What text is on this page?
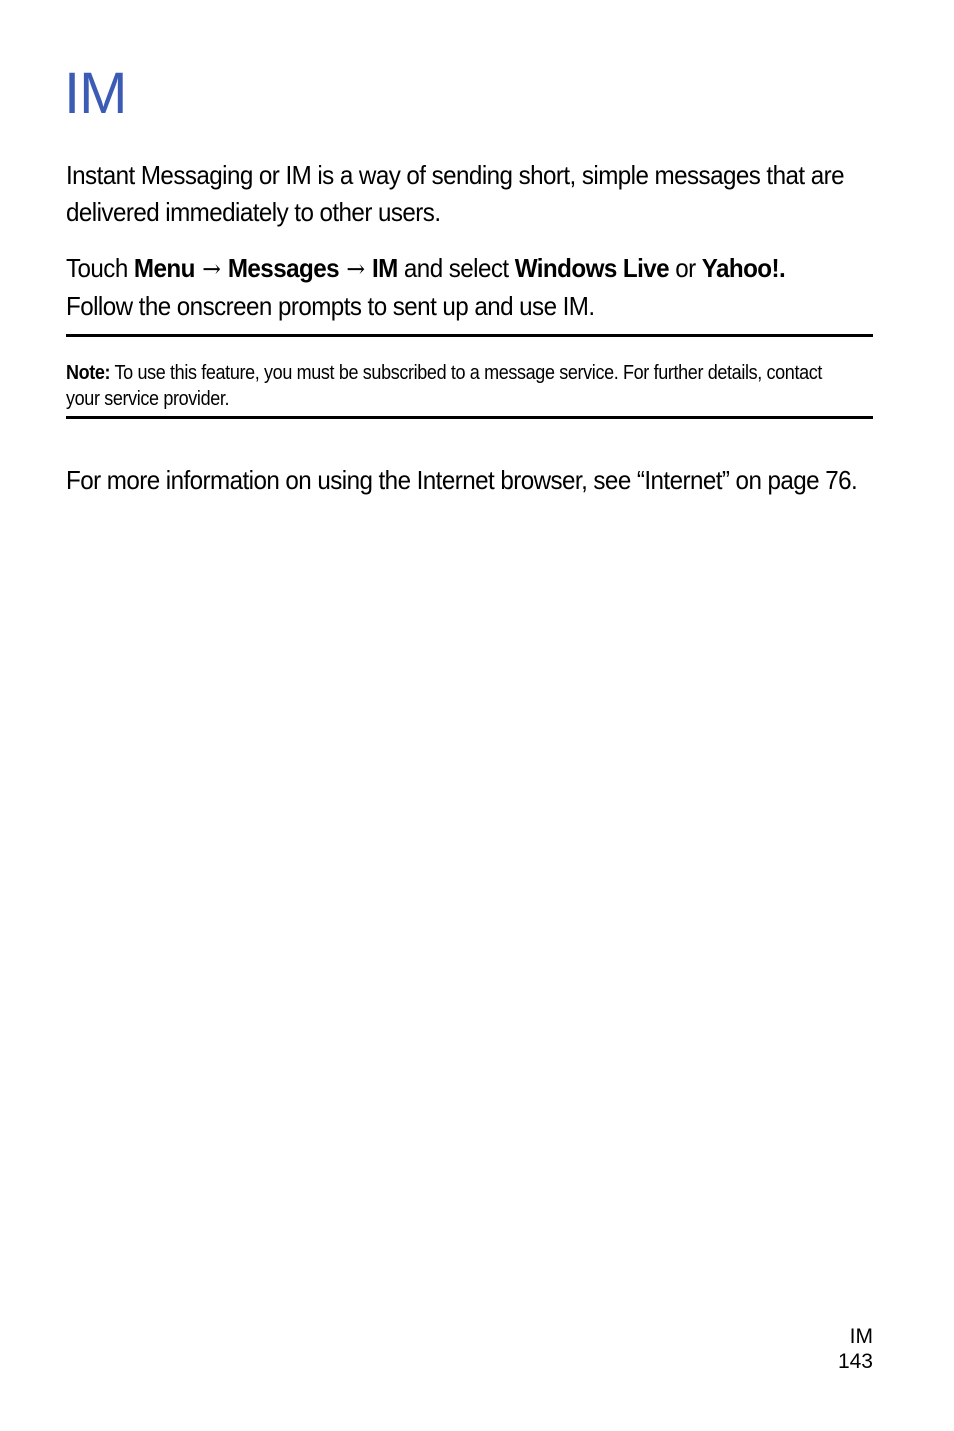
IM

Instant Messaging or IM is a way of sending short, simple messages that are delivered immediately to other users.

Touch Menu → Messages → IM and select Windows Live or Yahoo!.
Follow the onscreen prompts to sent up and use IM.

Note: To use this feature, you must be subscribed to a message service. For further details, contact your service provider.

For more information on using the Internet browser, see “Internet” on page 76.

IM
143
